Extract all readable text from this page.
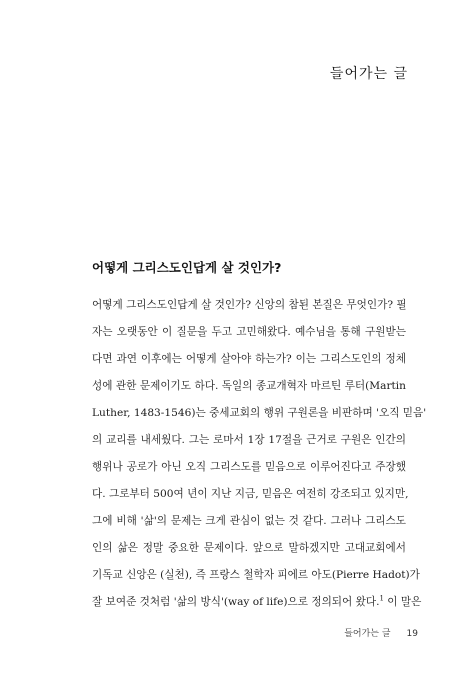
들어가는 글
어떻게 그리스도인답게 살 것인가?
어떻게 그리스도인답게 살 것인가? 신앙의 참된 본질은 무엇인가? 필
자는 오랫동안 이 질문을 두고 고민해왔다. 예수님을 통해 구원받는
다면 과연 이후에는 어떻게 살아야 하는가? 이는 그리스도인의 정체
성에 관한 문제이기도 하다. 독일의 종교개혁자 마르틴 루터(Martin
Luther, 1483-1546)는 중세교회의 행위 구원론을 비판하며 '오직 믿음'
의 교리를 내세웠다. 그는 로마서 1장 17절을 근거로 구원은 인간의
행위나 공로가 아닌 오직 그리스도를 믿음으로 이루어진다고 주장했
다. 그로부터 500여 년이 지난 지금, 믿음은 여전히 강조되고 있지만,
그에 비해 '삶'의 문제는 크게 관심이 없는 것 같다. 그러나 그리스도
인의 삶은 정말 중요한 문제이다. 앞으로 말하겠지만 고대교회에서
기독교 신앙은 (실천), 즉 프랑스 철학자 피에르 아도(Pierre Hadot)가
잘 보여준 것처럼 '삶의 방식'(way of life)으로 정의되어 왔다.$^1$ 이 말은
들어가는 글 19
